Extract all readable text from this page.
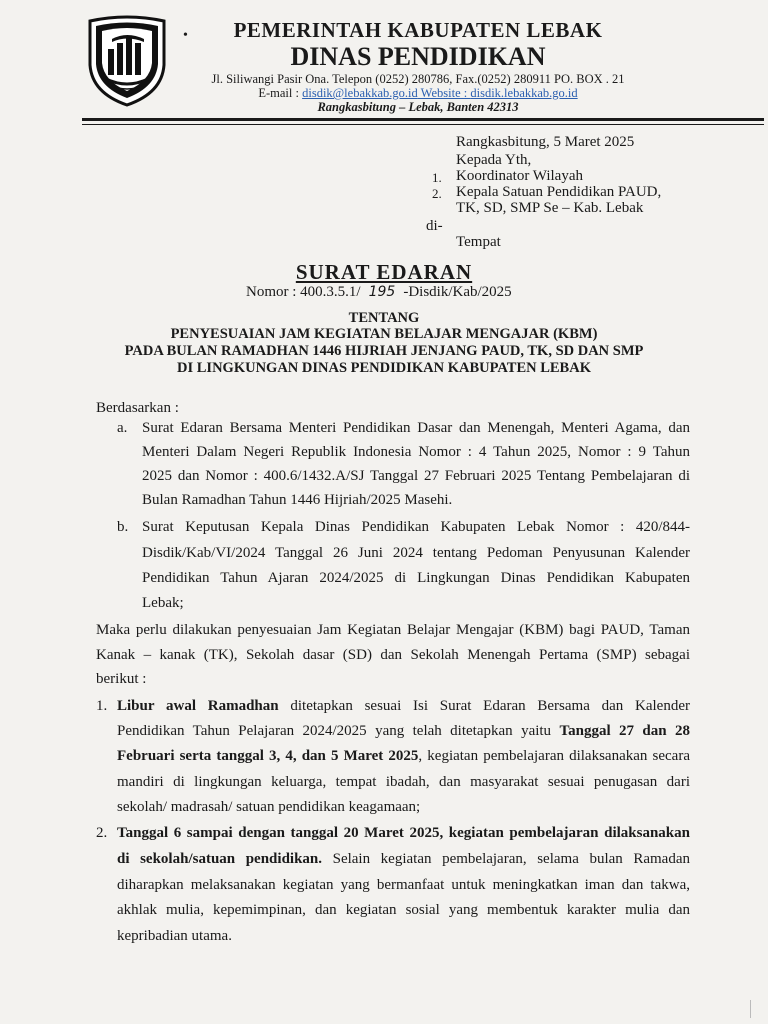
•	PEMERINTAH KABUPATEN LEBAK
DINAS PENDIDIKAN
Jl. Siliwangi Pasir Ona. Telepon (0252) 280786, Fax.(0252) 280911 PO. BOX . 21
E-mail : disdik@lebakkab.go.id Website : disdik.lebakkab.go.id
Rangkasbitung – Lebak, Banten 42313
Rangkasbitung, 5 Maret 2025
Kepada Yth,
1. Koordinator Wilayah
2. Kepala Satuan Pendidikan PAUD,
TK, SD, SMP Se – Kab. Lebak
di-
Tempat
SURAT EDARAN
Nomor : 400.3.5.1/ 195 -Disdik/Kab/2025
TENTANG
PENYESUAIAN JAM KEGIATAN BELAJAR MENGAJAR (KBM)
PADA BULAN RAMADHAN 1446 HIJRIAH JENJANG PAUD, TK, SD DAN SMP
DI LINGKUNGAN DINAS PENDIDIKAN KABUPATEN LEBAK
Berdasarkan :
a. Surat Edaran Bersama Menteri Pendidikan Dasar dan Menengah, Menteri Agama, dan
Menteri Dalam Negeri Republik Indonesia Nomor : 4 Tahun 2025, Nomor : 9 Tahun
2025 dan Nomor : 400.6/1432.A/SJ Tanggal 27 Februari 2025 Tentang Pembelajaran di
Bulan Ramadhan Tahun 1446 Hijriah/2025 Masehi.
b. Surat Keputusan Kepala Dinas Pendidikan Kabupaten Lebak Nomor : 420/844-
Disdik/Kab/VI/2024 Tanggal 26 Juni 2024 tentang Pedoman Penyusunan Kalender
Pendidikan Tahun Ajaran 2024/2025 di Lingkungan Dinas Pendidikan Kabupaten
Lebak;
Maka perlu dilakukan penyesuaian Jam Kegiatan Belajar Mengajar (KBM) bagi PAUD, Taman
Kanak – kanak (TK), Sekolah dasar (SD) dan Sekolah Menengah Pertama (SMP) sebagai
berikut :
1. Libur awal Ramadhan ditetapkan sesuai Isi Surat Edaran Bersama dan Kalender
Pendidikan Tahun Pelajaran 2024/2025 yang telah ditetapkan yaitu Tanggal 27 dan 28
Februari serta tanggal 3, 4, dan 5 Maret 2025, kegiatan pembelajaran dilaksanakan secara
mandiri di lingkungan keluarga, tempat ibadah, dan masyarakat sesuai penugasan dari
sekolah/ madrasah/ satuan pendidikan keagamaan;
2. Tanggal 6 sampai dengan tanggal 20 Maret 2025, kegiatan pembelajaran dilaksanakan
di sekolah/satuan pendidikan. Selain kegiatan pembelajaran, selama bulan Ramadan
diharapkan melaksanakan kegiatan yang bermanfaat untuk meningkatkan iman dan takwa,
akhlak mulia, kepemimpinan, dan kegiatan sosial yang membentuk karakter mulia dan
kepribadian utama.
